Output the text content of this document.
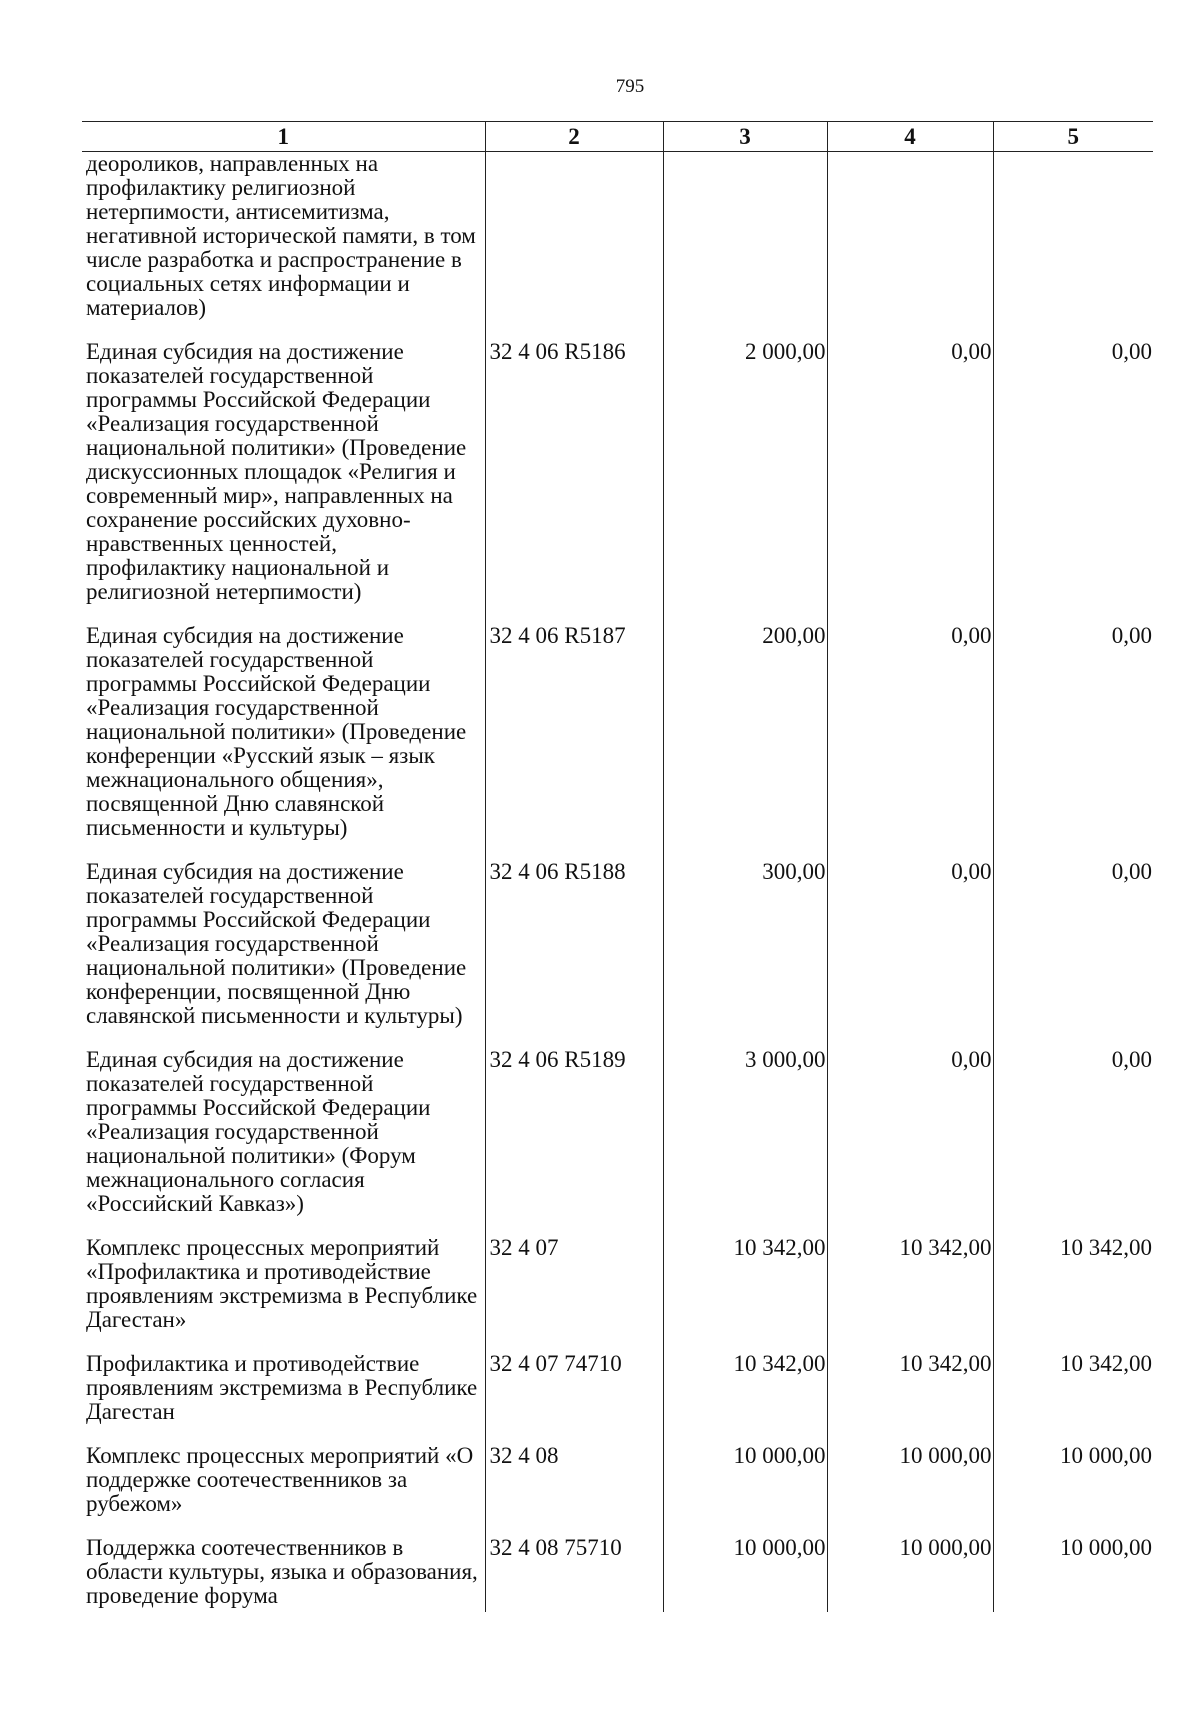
795
1	2	3	4	5
деороликов, направленных на профилактику религиозной нетерпимости, антисемитизма, негативной исторической памяти, в том числе разработка и распространение в социальных сетях информации и материалов)				
Единая субсидия на достижение показателей государственной программы Российской Федерации «Реализация государственной национальной политики» (Проведение дискуссионных площадок «Религия и современный мир», направленных на сохранение российских духовно-нравственных ценностей, профилактику национальной и религиозной нетерпимости)	32 4 06 R5186	2 000,00	0,00	0,00
Единая субсидия на достижение показателей государственной программы Российской Федерации «Реализация государственной национальной политики» (Проведение конференции «Русский язык – язык межнационального общения», посвященной Дню славянской письменности и культуры)	32 4 06 R5187	200,00	0,00	0,00
Единая субсидия на достижение показателей государственной программы Российской Федерации «Реализация государственной национальной политики» (Проведение конференции, посвященной Дню славянской письменности и культуры)	32 4 06 R5188	300,00	0,00	0,00
Единая субсидия на достижение показателей государственной программы Российской Федерации «Реализация государственной национальной политики» (Форум межнационального согласия «Российский Кавказ»)	32 4 06 R5189	3 000,00	0,00	0,00
Комплекс процессных мероприятий «Профилактика и противодействие проявлениям экстремизма в Республике Дагестан»	32 4 07	10 342,00	10 342,00	10 342,00
Профилактика и противодействие проявлениям экстремизма в Республике Дагестан	32 4 07 74710	10 342,00	10 342,00	10 342,00
Комплекс процессных мероприятий «О поддержке соотечественников за рубежом»	32 4 08	10 000,00	10 000,00	10 000,00
Поддержка соотечественников в области культуры, языка и образования, проведение форума	32 4 08 75710	10 000,00	10 000,00	10 000,00
